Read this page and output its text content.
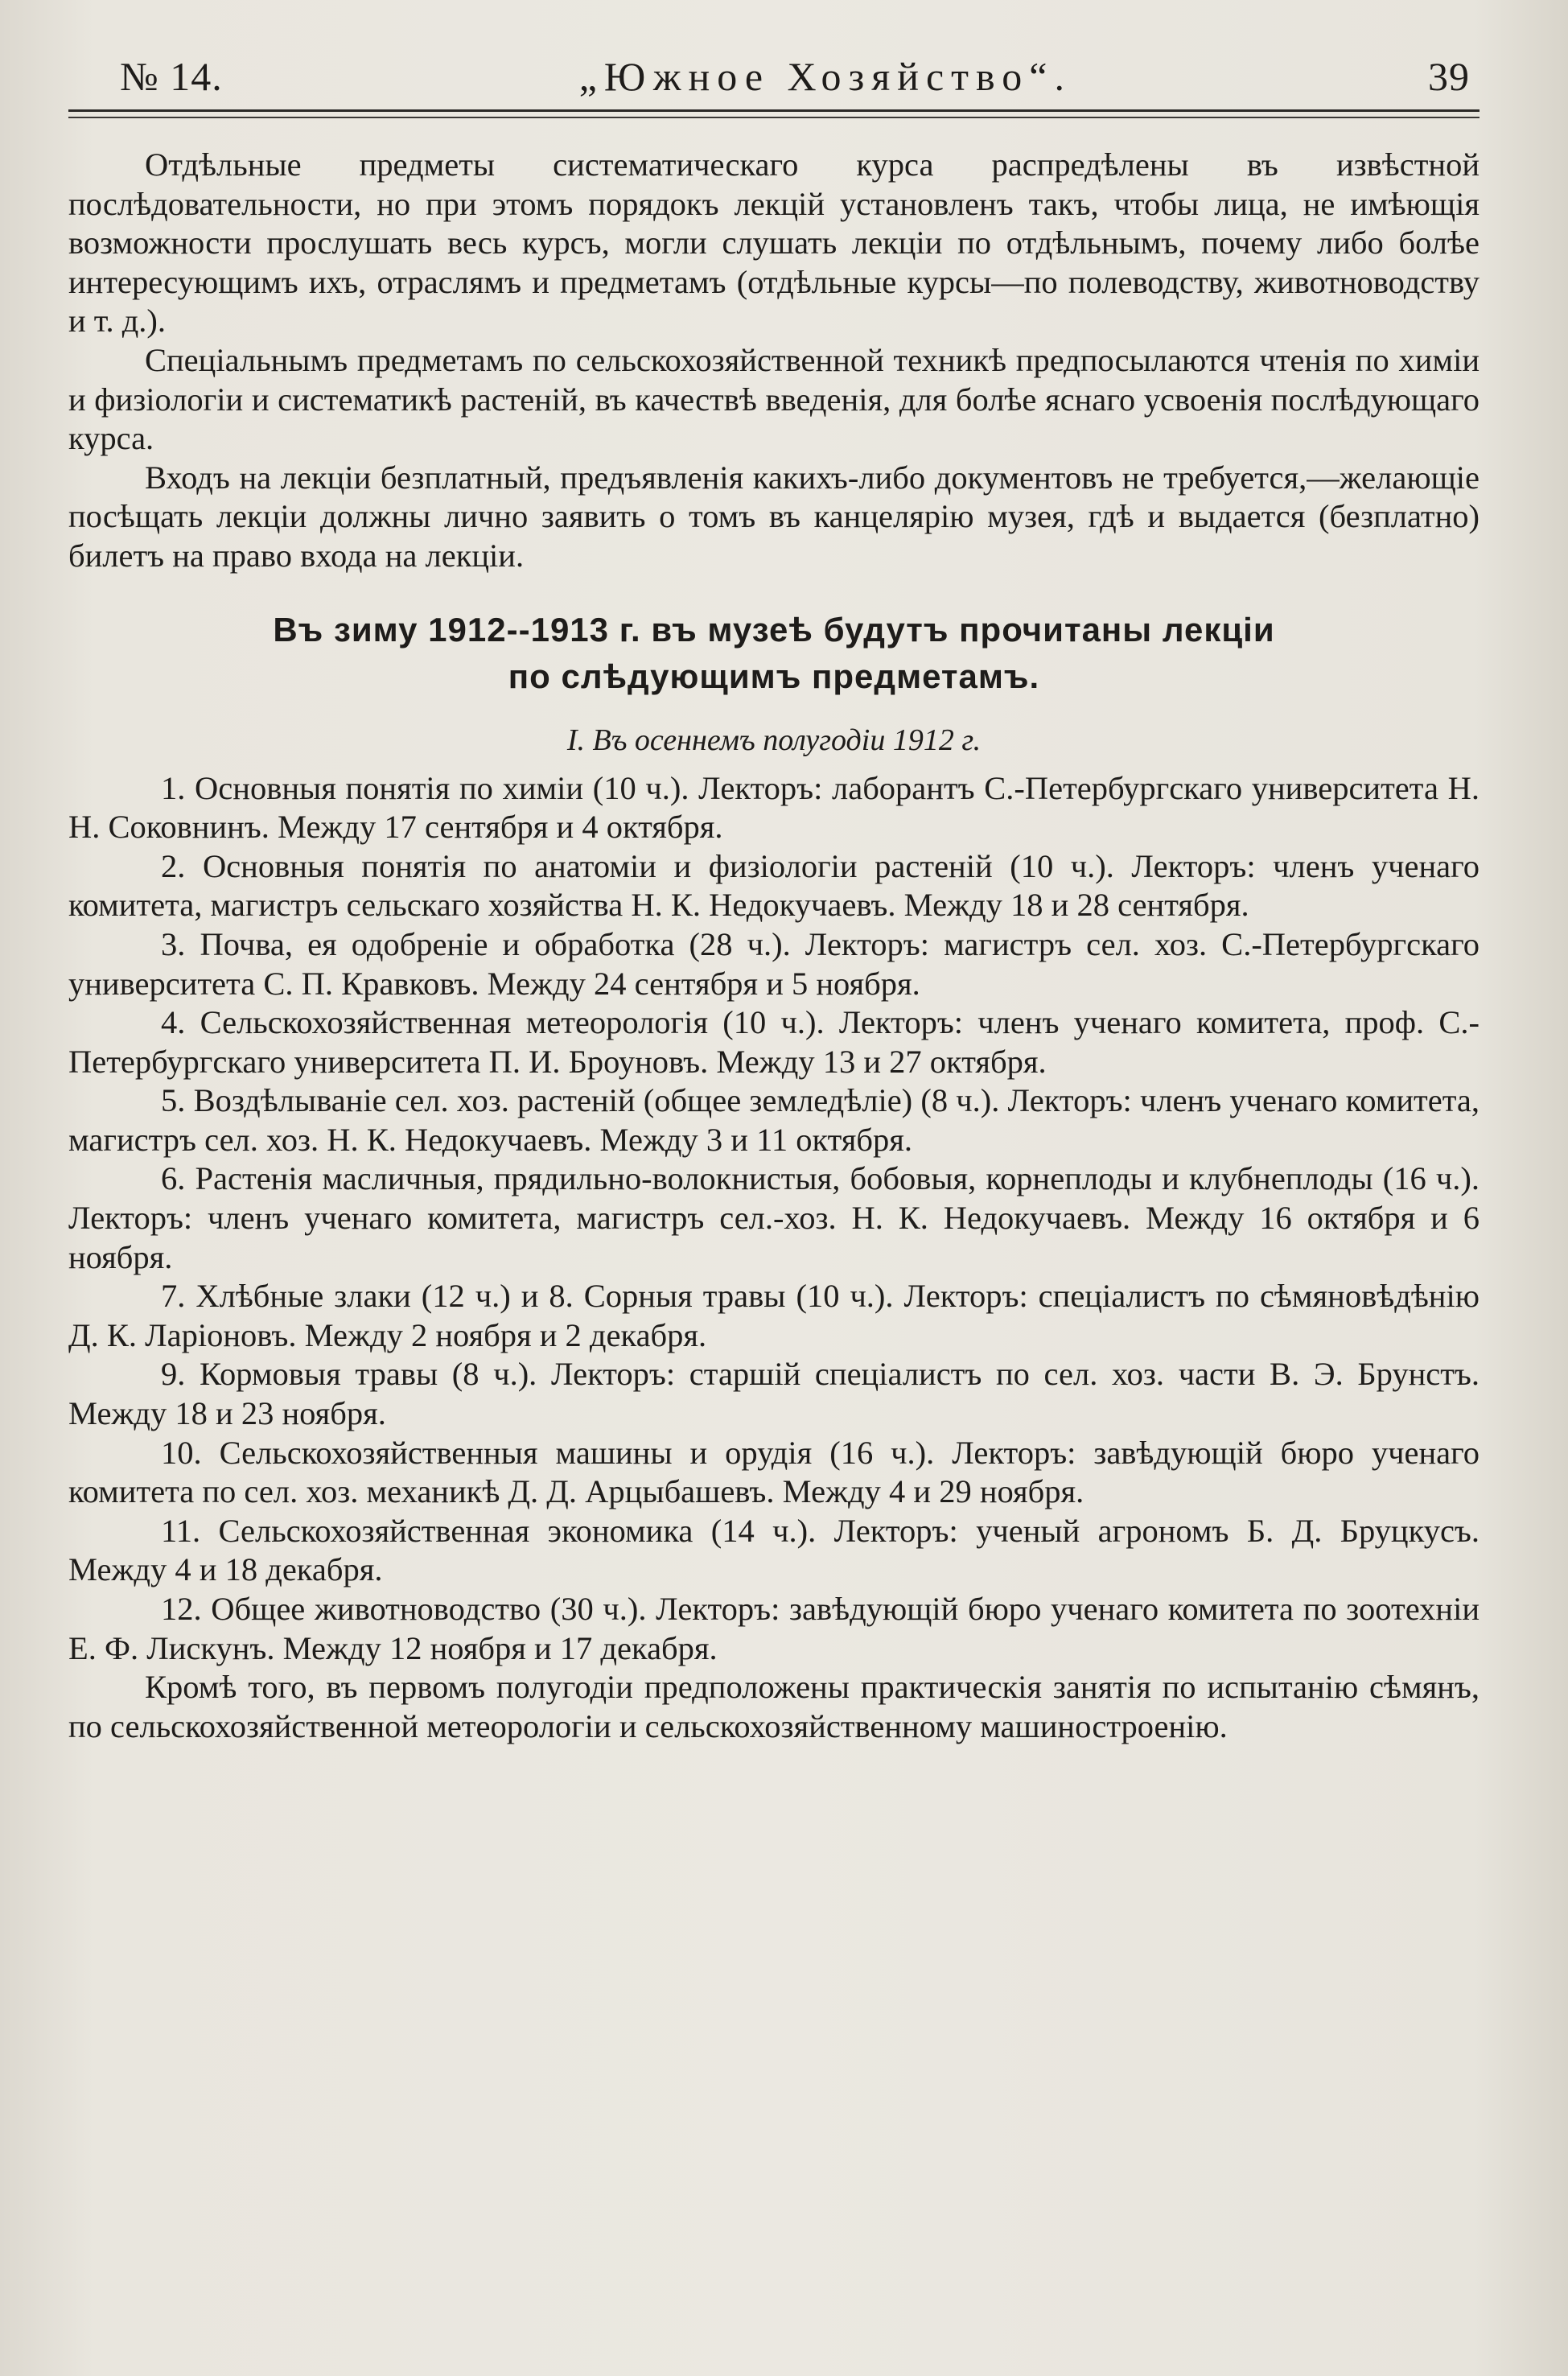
№ 14.	„Южное Хозяйство“.	39

Отдѣльные предметы систематическаго курса распредѣлены въ извѣстной послѣдовательности, но при этомъ порядокъ лекцій установленъ такъ, чтобы лица, не имѣющія возможности прослушать весь курсъ, могли слушать лекціи по отдѣльнымъ, почему либо болѣе интересующимъ ихъ, отраслямъ и предметамъ (отдѣльные курсы—по полеводству, животноводству и т. д.).

Спеціальнымъ предметамъ по сельскохозяйственной техникѣ предпосылаются чтенія по химіи и физіологіи и систематикѣ растеній, въ качествѣ введенія, для болѣе яснаго усвоенія послѣдующаго курса.

Входъ на лекціи безплатный, предъявленія какихъ-либо документовъ не требуется,—желающіе посѣщать лекціи должны лично заявить о томъ въ канцелярію музея, гдѣ и выдается (безплатно) билетъ на право входа на лекціи.

Въ зиму 1912--1913 г. въ музеѣ будутъ прочитаны лекціи
по слѣдующимъ предметамъ.
I. Въ осеннемъ полугодіи 1912 г.

1. Основныя понятія по химіи (10 ч.). Лекторъ: лаборантъ С.-Петербургскаго университета Н. Н. Соковнинъ. Между 17 сентября и 4 октября.

2. Основныя понятія по анатоміи и физіологіи растеній (10 ч.). Лекторъ: членъ ученаго комитета, магистръ сельскаго хозяйства Н. К. Недокучаевъ. Между 18 и 28 сентября.

3. Почва, ея одобреніе и обработка (28 ч.). Лекторъ: магистръ сел. хоз. С.-Петербургскаго университета С. П. Кравковъ. Между 24 сентября и 5 ноября.

4. Сельскохозяйственная метеорологія (10 ч.). Лекторъ: членъ ученаго комитета, проф. С.-Петербургскаго университета П. И. Броуновъ. Между 13 и 27 октября.

5. Воздѣлываніе сел. хоз. растеній (общее земледѣліе) (8 ч.). Лекторъ: членъ ученаго комитета, магистръ сел. хоз. Н. К. Недокучаевъ. Между 3 и 11 октября.

6. Растенія масличныя, прядильно-волокнистыя, бобовыя, корнеплоды и клубнеплоды (16 ч.). Лекторъ: членъ ученаго комитета, магистръ сел.-хоз. Н. К. Недокучаевъ. Между 16 октября и 6 ноября.

7. Хлѣбные злаки (12 ч.) и 8. Сорныя травы (10 ч.). Лекторъ: спеціалистъ по сѣмяновѣдѣнію Д. К. Ларіоновъ. Между 2 ноября и 2 декабря.

9. Кормовыя травы (8 ч.). Лекторъ: старшій спеціалистъ по сел. хоз. части В. Э. Брунстъ. Между 18 и 23 ноября.

10. Сельскохозяйственныя машины и орудія (16 ч.). Лекторъ: завѣдующій бюро ученаго комитета по сел. хоз. механикѣ Д. Д. Арцыбашевъ. Между 4 и 29 ноября.

11. Сельскохозяйственная экономика (14 ч.). Лекторъ: ученый агрономъ Б. Д. Бруцкусъ. Между 4 и 18 декабря.

12. Общее животноводство (30 ч.). Лекторъ: завѣдующій бюро ученаго комитета по зоотехніи Е. Ф. Лискунъ. Между 12 ноября и 17 декабря.

Кромѣ того, въ первомъ полугодіи предположены практическія занятія по испытанію сѣмянъ, по сельскохозяйственной метеорологіи и сельскохозяйственному машиностроенію.
